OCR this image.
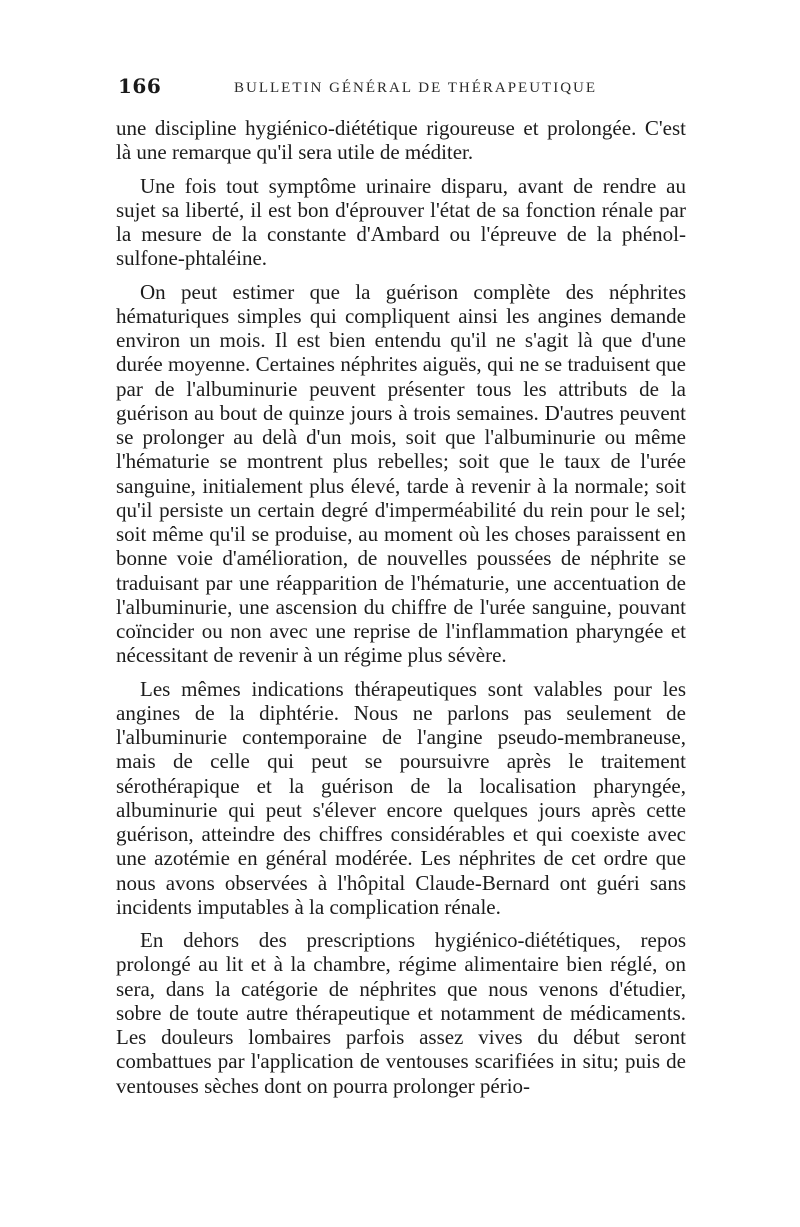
166	BULLETIN GÉNÉRAL DE THÉRAPEUTIQUE

une discipline hygiénico-diététique rigoureuse et prolongée. C'est là une remarque qu'il sera utile de méditer.

Une fois tout symptôme urinaire disparu, avant de rendre au sujet sa liberté, il est bon d'éprouver l'état de sa fonction rénale par la mesure de la constante d'Ambard ou l'épreuve de la phénol-sulfone-phtaléine.

On peut estimer que la guérison complète des néphrites hématuriques simples qui compliquent ainsi les angines demande environ un mois. Il est bien entendu qu'il ne s'agit là que d'une durée moyenne. Certaines néphrites aiguës, qui ne se traduisent que par de l'albuminurie peuvent présenter tous les attributs de la guérison au bout de quinze jours à trois semaines. D'autres peuvent se prolonger au delà d'un mois, soit que l'albuminurie ou même l'hématurie se montrent plus rebelles; soit que le taux de l'urée sanguine, initialement plus élevé, tarde à revenir à la normale; soit qu'il persiste un certain degré d'imperméabilité du rein pour le sel; soit même qu'il se produise, au moment où les choses paraissent en bonne voie d'amélioration, de nouvelles poussées de néphrite se traduisant par une réapparition de l'hématurie, une accentuation de l'albuminurie, une ascension du chiffre de l'urée sanguine, pouvant coïncider ou non avec une reprise de l'inflammation pharyngée et nécessitant de revenir à un régime plus sévère.

Les mêmes indications thérapeutiques sont valables pour les angines de la diphtérie. Nous ne parlons pas seulement de l'albuminurie contemporaine de l'angine pseudo-membraneuse, mais de celle qui peut se poursuivre après le traitement sérothérapique et la guérison de la localisation pharyngée, albuminurie qui peut s'élever encore quelques jours après cette guérison, atteindre des chiffres considérables et qui coexiste avec une azotémie en général modérée. Les néphrites de cet ordre que nous avons observées à l'hôpital Claude-Bernard ont guéri sans incidents imputables à la complication rénale.

En dehors des prescriptions hygiénico-diététiques, repos prolongé au lit et à la chambre, régime alimentaire bien réglé, on sera, dans la catégorie de néphrites que nous venons d'étudier, sobre de toute autre thérapeutique et notamment de médicaments. Les douleurs lombaires parfois assez vives du début seront combattues par l'application de ventouses scarifiées in situ; puis de ventouses sèches dont on pourra prolonger pério-
